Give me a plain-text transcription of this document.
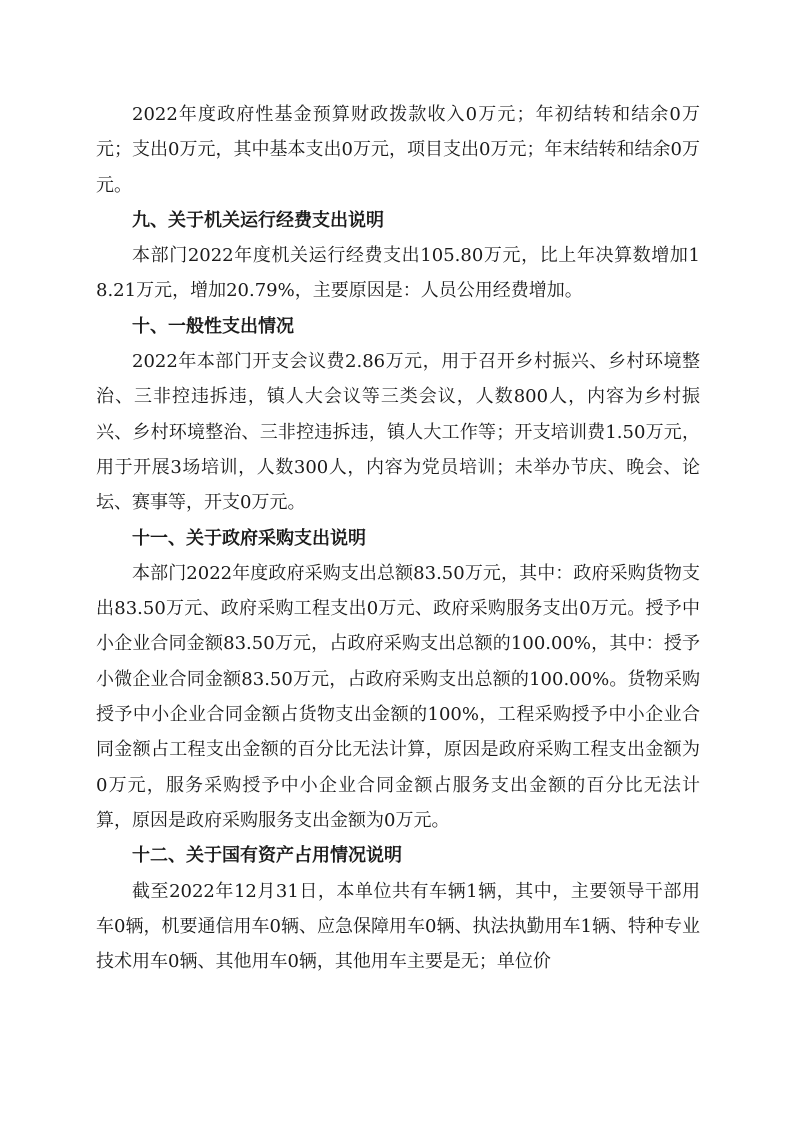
2022年度政府性基金预算财政拨款收入0万元；年初结转和结余0万元；支出0万元，其中基本支出0万元，项目支出0万元；年末结转和结余0万元。

九、关于机关运行经费支出说明

本部门2022年度机关运行经费支出105.80万元，比上年决算数增加18.21万元，增加20.79%，主要原因是：人员公用经费增加。

十、一般性支出情况

2022年本部门开支会议费2.86万元，用于召开乡村振兴、乡村环境整治、三非控违拆违，镇人大会议等三类会议，人数800人，内容为乡村振兴、乡村环境整治、三非控违拆违，镇人大工作等；开支培训费1.50万元，用于开展3场培训，人数300人，内容为党员培训；未举办节庆、晚会、论坛、赛事等，开支0万元。

十一、关于政府采购支出说明

本部门2022年度政府采购支出总额83.50万元，其中：政府采购货物支出83.50万元、政府采购工程支出0万元、政府采购服务支出0万元。授予中小企业合同金额83.50万元，占政府采购支出总额的100.00%，其中：授予小微企业合同金额83.50万元，占政府采购支出总额的100.00%。货物采购授予中小企业合同金额占货物支出金额的100%，工程采购授予中小企业合同金额占工程支出金额的百分比无法计算，原因是政府采购工程支出金额为0万元，服务采购授予中小企业合同金额占服务支出金额的百分比无法计算，原因是政府采购服务支出金额为0万元。

十二、关于国有资产占用情况说明

截至2022年12月31日，本单位共有车辆1辆，其中，主要领导干部用车0辆，机要通信用车0辆、应急保障用车0辆、执法执勤用车1辆、特种专业技术用车0辆、其他用车0辆，其他用车主要是无；单位价
